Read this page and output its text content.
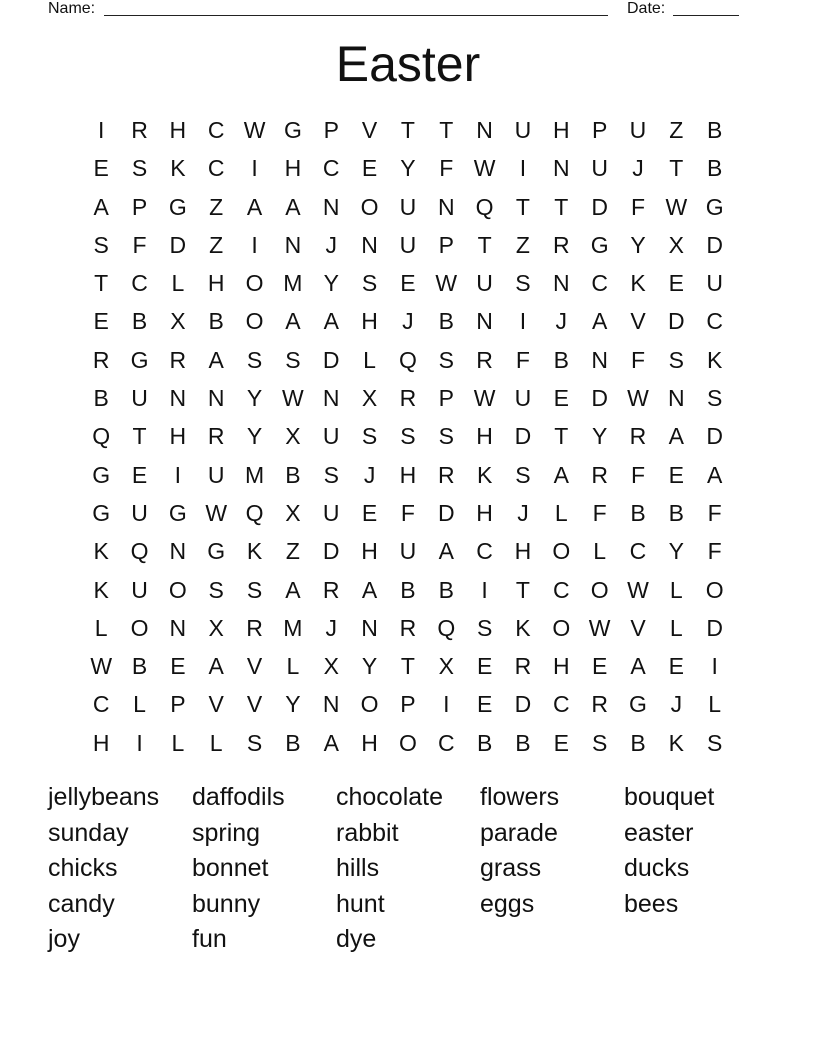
Name:	Date:
Easter
I	R H C W G P	V	T	T	N U H P U	Z	B
E	S	K C	I	H C E	Y	F W	I	N U	J	T	B
A	P G Z	A	A N O U N Q T	T	D	F W G
S	F	D	Z	I	N	J	N U P	T	Z	R G Y	X D
T	C	L	H O M Y	S	E W U S N C K	E U
E	B	X	B O A	A H	J	B N	I	J	A	V D C
R G R A	S	S D	L	Q S R	F	B N	F	S	K
B U N N Y W N X R P W U E D W N S
Q T	H R Y	X U S	S	S H D	T	Y R A D
G E	I	U M B	S	J	H R K	S	A R	F	E	A
G U G W Q X U E	F	D H	J	L	F	B	B	F
K Q N G K	Z	D H U A C H O	L	C Y	F
K U O S	S	A R A	B	B	I	T	C O W L	O
L	O N X R M	J	N R Q S	K O W V	L	D
W B	E	A	V	L	X	Y	T	X	E R H E	A	E	I
C	L	P	V	V	Y N O P	I	E D C R G	J	L
H	I	L	L	S	B	A H O C B	B	E	S	B	K	S
jellybeans	daffodils	chocolate	flowers	bouquet
sunday	spring	rabbit	parade	easter
chicks	bonnet	hills	grass	ducks
candy	bunny	hunt	eggs	bees
joy	fun	dye
